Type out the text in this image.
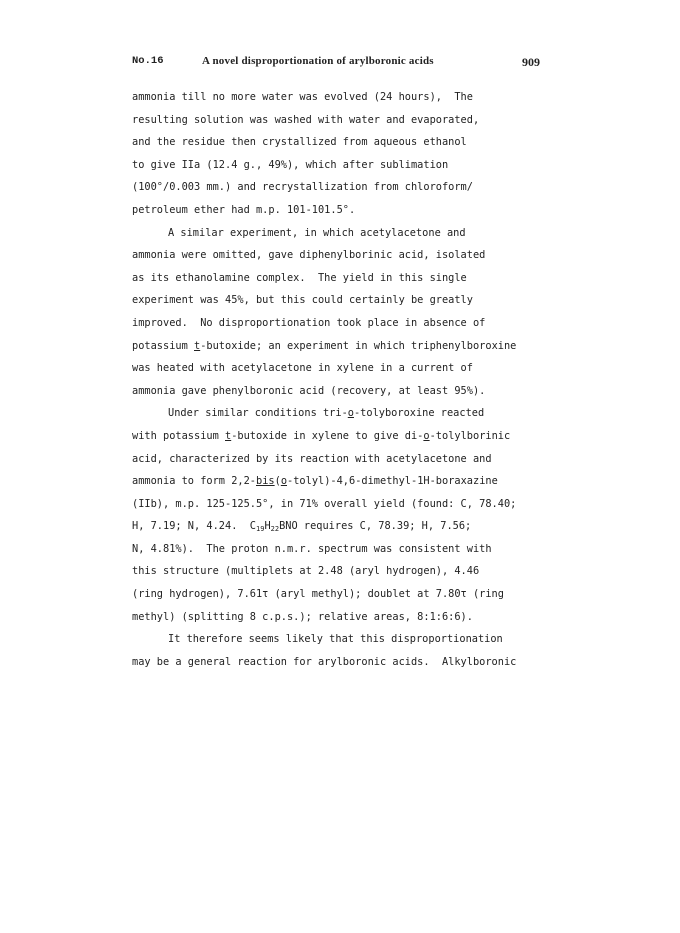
No.16	A novel disproportionation of arylboronic acids	909
ammonia till no more water was evolved (24 hours),  The
resulting solution was washed with water and evaporated,
and the residue then crystallized from aqueous ethanol
to give IIa (12.4 g., 49%), which after sublimation
(100°/0.003 mm.) and recrystallization from chloroform/
petroleum ether had m.p. 101-101.5°.
A similar experiment, in which acetylacetone and
ammonia were omitted, gave diphenylborinic acid, isolated
as its ethanolamine complex.  The yield in this single
experiment was 45%, but this could certainly be greatly
improved.  No disproportionation took place in absence of
potassium t-butoxide; an experiment in which triphenylboroxine
was heated with acetylacetone in xylene in a current of
ammonia gave phenylboronic acid (recovery, at least 95%).
Under similar conditions tri-o-tolyboroxine reacted
with potassium t-butoxide in xylene to give di-o-tolylborinic
acid, characterized by its reaction with acetylacetone and
ammonia to form 2,2-bis(o-tolyl)-4,6-dimethyl-1H-boraxazine
(IIb), m.p. 125-125.5°, in 71% overall yield (found: C, 78.40;
H, 7.19; N, 4.24.  $C_{19}H_{22}BNO$ requires C, 78.39; H, 7.56;
N, 4.81%).  The proton n.m.r. spectrum was consistent with
this structure (multiplets at 2.48 (aryl hydrogen), 4.46
(ring hydrogen), 7.61τ (aryl methyl); doublet at 7.80τ (ring
methyl) (splitting 8 c.p.s.); relative areas, 8:1:6:6).
It therefore seems likely that this disproportionation
may be a general reaction for arylboronic acids.  Alkylboronic
